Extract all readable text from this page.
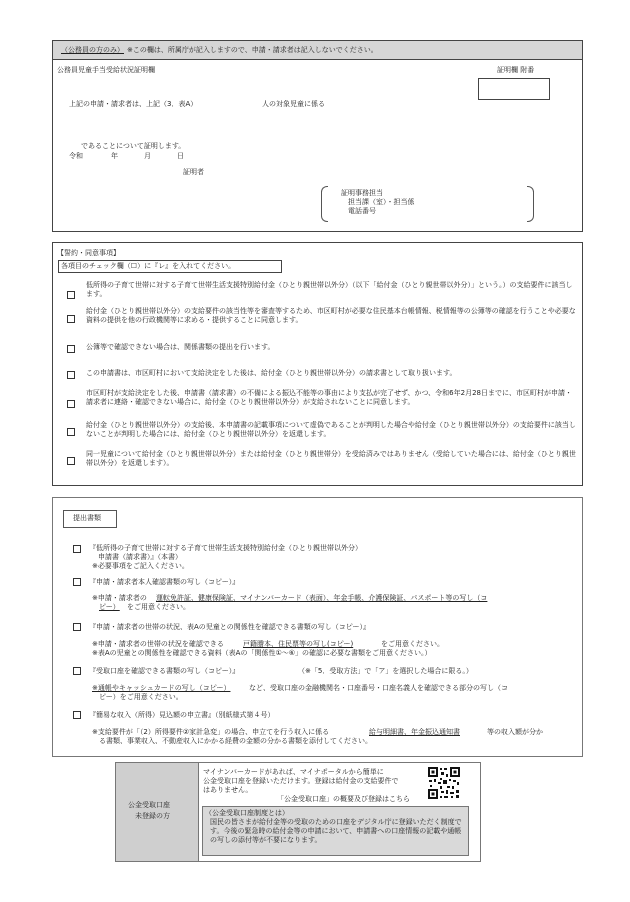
（公務員の方のみ） ※この欄は、所属庁が記入しますので、申請・請求者は記入しないでください。
公務員児童手当受給状況証明欄	証明欄 附番
上記の申請・請求者は、上記（3．表A）	人の対象児童に係る
であることについて証明します。
令和	年	月	日
証明者
証明事務担当
担当課（室）・担当係
電話番号
【誓約・同意事項】
各項目のチェック欄（☐）に『レ』を入れてください。
低所得の子育て世帯に対する子育て世帯生活支援特別給付金（ひとり親世帯以外分）（以下「給付金（ひとり親世帯以外分）」という。）の支給要件に該当します。
給付金（ひとり親世帯以外分）の支給要件の該当性等を審査等するため、市区町村が必要な住民基本台帳情報、税情報等の公簿等の確認を行うことや必要な資料の提供を他の行政機関等に求める・提供することに同意します。
公簿等で確認できない場合は、関係書類の提出を行います。
この申請書は、市区町村において支給決定をした後は、給付金（ひとり親世帯以外分）の請求書として取り扱います。
市区町村が支給決定をした後、申請書（請求書）の不備による振込不能等の事由により支払が完了せず、かつ、令和6年2月28日までに、市区町村が申請・請求者に連絡・確認できない場合に、給付金（ひとり親世帯以外分）が支給されないことに同意します。
給付金（ひとり親世帯以外分）の支給後、本申請書の記載事項について虚偽であることが判明した場合や給付金（ひとり親世帯以外分）の支給要件に該当しないことが判明した場合には、給付金（ひとり親世帯以外分）を返還します。
同一児童について給付金（ひとり親世帯以外分）または給付金（ひとり親世帯分）を受給済みではありません（受給していた場合には、給付金（ひとり親世帯以外分）を返還します）。
提出書類
『低所得の子育て世帯に対する子育て世帯生活支援特別給付金（ひとり親世帯以外分）
申請書（請求書）』（本書）
※必要事項をご記入ください。
『申請・請求者本人確認書類の写し（コピー）』
※申請・請求者の 運転免許証、健康保険証、マイナンバーカード（表面）、年金手帳、介護保険証、パスポート等の写し（コ
ピー） をご用意ください。
『申請・請求者の世帯の状況、表Aの児童との関係性を確認できる書類の写し（コピー）』
※申請・請求者の世帯の状況を確認できる	戸籍謄本、住民票等の写し(コピー)	をご用意ください。
※表Aの児童との関係性を確認できる資料（表Aの「関係性①〜⑥」の確認に必要な書類をご用意ください。）
『受取口座を確認できる書類の写し（コピー）』	（※「5．受取方法」で「ア」を選択した場合に限る。）
※通帳やキャッシュカードの写し（コピー）	など、受取口座の金融機関名・口座番号・口座名義人を確認できる部分の写し（コ
ピー）をご用意ください。
『簡易な収入（所得）見込額の申立書』（別紙様式第４号）
※支給要件が「（2）所得要件②家計急変」の場合、申立てを行う収入に係る	給与明細書、年金振込通知書	等の収入額が分か
る書類、事業収入、不動産収入にかかる経費の金額の分かる書類を添付してください。
公金受取口座
未登録の方
マイナンバーカードがあれば、マイナポータルから簡単に
公金受取口座を登録いただけます。登録は給付金の支給要件で
はありません。
「公金受取口座」の概要及び登録はこちら
（公金受取口座制度とは）
国民の皆さまが給付金等の受取のための口座をデジタル庁に登録いただく制度です。今後の緊急時の給付金等の申請において、申請書への口座情報の記載や通帳の写しの添付等が不要になります。
